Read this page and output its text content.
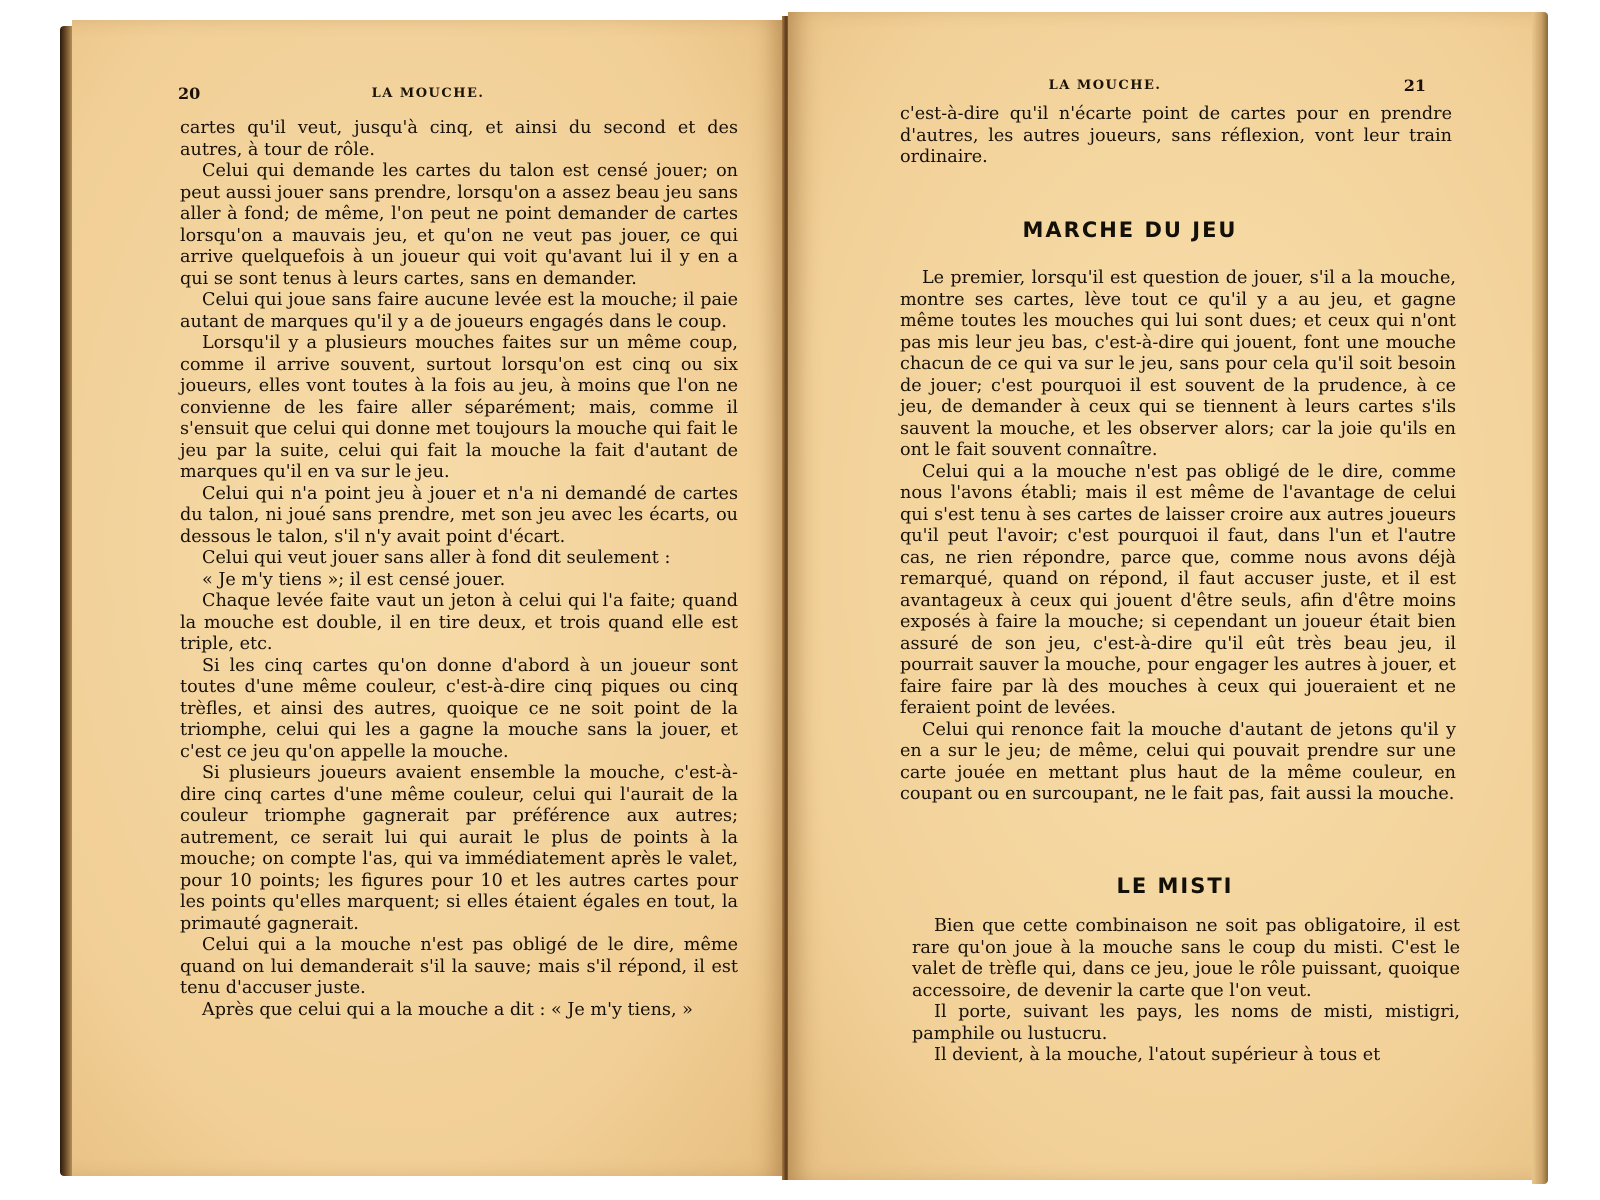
20	LA MOUCHE.

cartes qu'il veut, jusqu'à cinq, et ainsi du second et des autres, à tour de rôle.

Celui qui demande les cartes du talon est censé jouer; on peut aussi jouer sans prendre, lorsqu'on a assez beau jeu sans aller à fond; de même, l'on peut ne point demander de cartes lorsqu'on a mauvais jeu, et qu'on ne veut pas jouer, ce qui arrive quelquefois à un joueur qui voit qu'avant lui il y en a qui se sont tenus à leurs cartes, sans en demander.

Celui qui joue sans faire aucune levée est la mouche; il paie autant de marques qu'il y a de joueurs engagés dans le coup.

Lorsqu'il y a plusieurs mouches faites sur un même coup, comme il arrive souvent, surtout lorsqu'on est cinq ou six joueurs, elles vont toutes à la fois au jeu, à moins que l'on ne convienne de les faire aller séparément; mais, comme il s'ensuit que celui qui donne met toujours la mouche qui fait le jeu par la suite, celui qui fait la mouche la fait d'autant de marques qu'il en va sur le jeu.

Celui qui n'a point jeu à jouer et n'a ni demandé de cartes du talon, ni joué sans prendre, met son jeu avec les écarts, ou dessous le talon, s'il n'y avait point d'écart.

Celui qui veut jouer sans aller à fond dit seulement :

« Je m'y tiens »; il est censé jouer.

Chaque levée faite vaut un jeton à celui qui l'a faite; quand la mouche est double, il en tire deux, et trois quand elle est triple, etc.

Si les cinq cartes qu'on donne d'abord à un joueur sont toutes d'une même couleur, c'est-à-dire cinq piques ou cinq trèfles, et ainsi des autres, quoique ce ne soit point de la triomphe, celui qui les a gagne la mouche sans la jouer, et c'est ce jeu qu'on appelle la mouche.

Si plusieurs joueurs avaient ensemble la mouche, c'est-à-dire cinq cartes d'une même couleur, celui qui l'aurait de la couleur triomphe gagnerait par préférence aux autres; autrement, ce serait lui qui aurait le plus de points à la mouche; on compte l'as, qui va immédiatement après le valet, pour 10 points; les figures pour 10 et les autres cartes pour les points qu'elles marquent; si elles étaient égales en tout, la primauté gagnerait.

Celui qui a la mouche n'est pas obligé de le dire, même quand on lui demanderait s'il la sauve; mais s'il répond, il est tenu d'accuser juste.

Après que celui qui a la mouche a dit : « Je m'y tiens, »

LA MOUCHE.	21

c'est-à-dire qu'il n'écarte point de cartes pour en prendre d'autres, les autres joueurs, sans réflexion, vont leur train ordinaire.

MARCHE DU JEU

Le premier, lorsqu'il est question de jouer, s'il a la mouche, montre ses cartes, lève tout ce qu'il y a au jeu, et gagne même toutes les mouches qui lui sont dues; et ceux qui n'ont pas mis leur jeu bas, c'est-à-dire qui jouent, font une mouche chacun de ce qui va sur le jeu, sans pour cela qu'il soit besoin de jouer; c'est pourquoi il est souvent de la prudence, à ce jeu, de demander à ceux qui se tiennent à leurs cartes s'ils sauvent la mouche, et les observer alors; car la joie qu'ils en ont le fait souvent connaître.

Celui qui a la mouche n'est pas obligé de le dire, comme nous l'avons établi; mais il est même de l'avantage de celui qui s'est tenu à ses cartes de laisser croire aux autres joueurs qu'il peut l'avoir; c'est pourquoi il faut, dans l'un et l'autre cas, ne rien répondre, parce que, comme nous avons déjà remarqué, quand on répond, il faut accuser juste, et il est avantageux à ceux qui jouent d'être seuls, afin d'être moins exposés à faire la mouche; si cependant un joueur était bien assuré de son jeu, c'est-à-dire qu'il eût très beau jeu, il pourrait sauver la mouche, pour engager les autres à jouer, et faire faire par là des mouches à ceux qui joueraient et ne feraient point de levées.

Celui qui renonce fait la mouche d'autant de jetons qu'il y en a sur le jeu; de même, celui qui pouvait prendre sur une carte jouée en mettant plus haut de la même couleur, en coupant ou en surcoupant, ne le fait pas, fait aussi la mouche.

LE MISTI

Bien que cette combinaison ne soit pas obligatoire, il est rare qu'on joue à la mouche sans le coup du misti. C'est le valet de trèfle qui, dans ce jeu, joue le rôle puissant, quoique accessoire, de devenir la carte que l'on veut.

Il porte, suivant les pays, les noms de misti, mistigri, pamphile ou lustucru.

Il devient, à la mouche, l'atout supérieur à tous et
